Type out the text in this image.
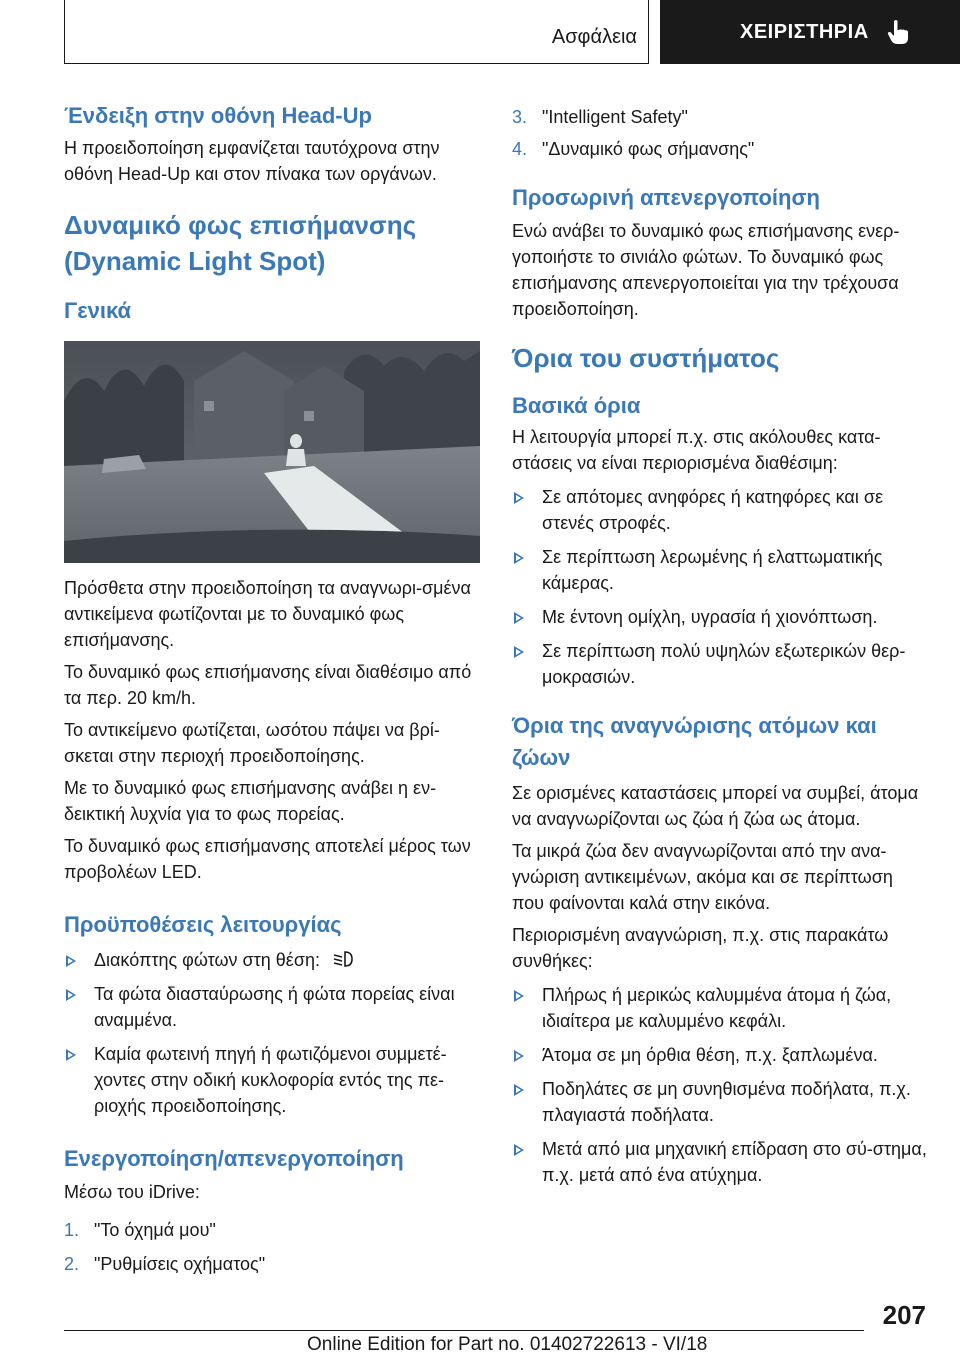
Ασφάλεια	ΧΕΙΡΙΣΤΗΡΙΑ
Ένδειξη στην οθόνη Head-Up

Η προειδοποίηση εμφανίζεται ταυτόχρονα στην οθόνη Head-Up και στον πίνακα των οργάνων.

Δυναμικό φως επισήμανσης
(Dynamic Light Spot)
Γενικά

Πρόσθετα στην προειδοποίηση τα αναγνωρι-σμένα αντικείμενα φωτίζονται με το δυναμικό φως επισήμανσης.

Το δυναμικό φως επισήμανσης είναι διαθέσιμο από τα περ. 20 km/h.

Το αντικείμενο φωτίζεται, ωσότου πάψει να βρί-σκεται στην περιοχή προειδοποίησης.

Με το δυναμικό φως επισήμανσης ανάβει η εν-δεικτική λυχνία για το φως πορείας.

Το δυναμικό φως επισήμανσης αποτελεί μέρος των προβολέων LED.

Προϋποθέσεις λειτουργίας
Διακόπτης φώτων στη θέση:
Τα φώτα διασταύρωσης ή φώτα πορείας είναι αναμμένα.
Καμία φωτεινή πηγή ή φωτιζόμενοι συμμετέ-χοντες στην οδική κυκλοφορία εντός της πε-ριοχής προειδοποίησης.
Ενεργοποίηση/απενεργοποίηση

Μέσω του iDrive:

1. "Το όχημά μου"
2. "Ρυθμίσεις οχήματος"
3. "Intelligent Safety"
4. "Δυναμικό φως σήμανσης"
Προσωρινή απενεργοποίηση

Ενώ ανάβει το δυναμικό φως επισήμανσης ενερ-γοποιήστε το σινιάλο φώτων. Το δυναμικό φως επισήμανσης απενεργοποιείται για την τρέχουσα προειδοποίηση.

Όρια του συστήματος
Βασικά όρια

Η λειτουργία μπορεί π.χ. στις ακόλουθες κατα-στάσεις να είναι περιορισμένα διαθέσιμη:

Σε απότομες ανηφόρες ή κατηφόρες και σε στενές στροφές.
Σε περίπτωση λερωμένης ή ελαττωματικής κάμερας.
Με έντονη ομίχλη, υγρασία ή χιονόπτωση.
Σε περίπτωση πολύ υψηλών εξωτερικών θερ-μοκρασιών.
Όρια της αναγνώρισης ατόμων και ζώων

Σε ορισμένες καταστάσεις μπορεί να συμβεί, άτομα να αναγνωρίζονται ως ζώα ή ζώα ως άτομα.

Τα μικρά ζώα δεν αναγνωρίζονται από την ανα-γνώριση αντικειμένων, ακόμα και σε περίπτωση που φαίνονται καλά στην εικόνα.

Περιορισμένη αναγνώριση, π.χ. στις παρακάτω συνθήκες:

Πλήρως ή μερικώς καλυμμένα άτομα ή ζώα, ιδιαίτερα με καλυμμένο κεφάλι.
Άτομα σε μη όρθια θέση, π.χ. ξαπλωμένα.
Ποδηλάτες σε μη συνηθισμένα ποδήλατα, π.χ. πλαγιαστά ποδήλατα.
Μετά από μια μηχανική επίδραση στο σύ-στημα, π.χ. μετά από ένα ατύχημα.
207
Online Edition for Part no. 01402722613 - VI/18
